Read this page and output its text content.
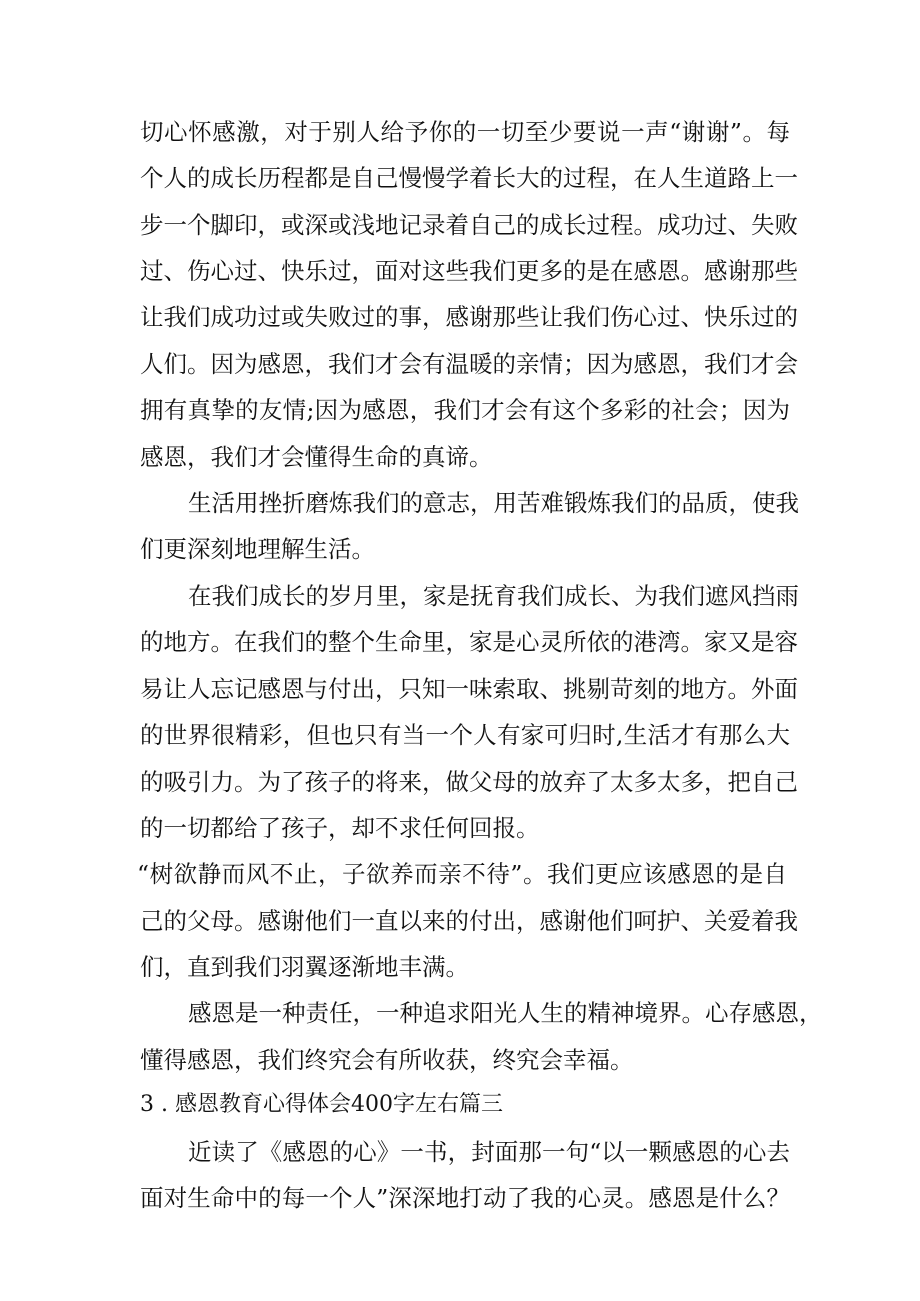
切心怀感激，对于别人给予你的一切至少要说一声“谢谢”。每
个人的成长历程都是自己慢慢学着长大的过程，在人生道路上一
步一个脚印，或深或浅地记录着自己的成长过程。成功过、失败
过、伤心过、快乐过，面对这些我们更多的是在感恩。感谢那些
让我们成功过或失败过的事，感谢那些让我们伤心过、快乐过的
人们。因为感恩，我们才会有温暖的亲情；因为感恩，我们才会
拥有真挚的友情;因为感恩，我们才会有这个多彩的社会；因为
感恩，我们才会懂得生命的真谛。
生活用挫折磨炼我们的意志，用苦难锻炼我们的品质，使我
们更深刻地理解生活。
在我们成长的岁月里，家是抚育我们成长、为我们遮风挡雨
的地方。在我们的整个生命里，家是心灵所依的港湾。家又是容
易让人忘记感恩与付出，只知一味索取、挑剔苛刻的地方。外面
的世界很精彩，但也只有当一个人有家可归时,生活才有那么大
的吸引力。为了孩子的将来，做父母的放弃了太多太多，把自己
的一切都给了孩子，却不求任何回报。
“树欲静而风不止，子欲养而亲不待”。我们更应该感恩的是自
己的父母。感谢他们一直以来的付出，感谢他们呵护、关爱着我
们，直到我们羽翼逐渐地丰满。
感恩是一种责任，一种追求阳光人生的精神境界。心存感恩，
懂得感恩，我们终究会有所收获，终究会幸福。
3 . 感恩教育心得体会400字左右篇三
近读了《感恩的心》一书，封面那一句“以一颗感恩的心去
面对生命中的每一个人”深深地打动了我的心灵。感恩是什么？
